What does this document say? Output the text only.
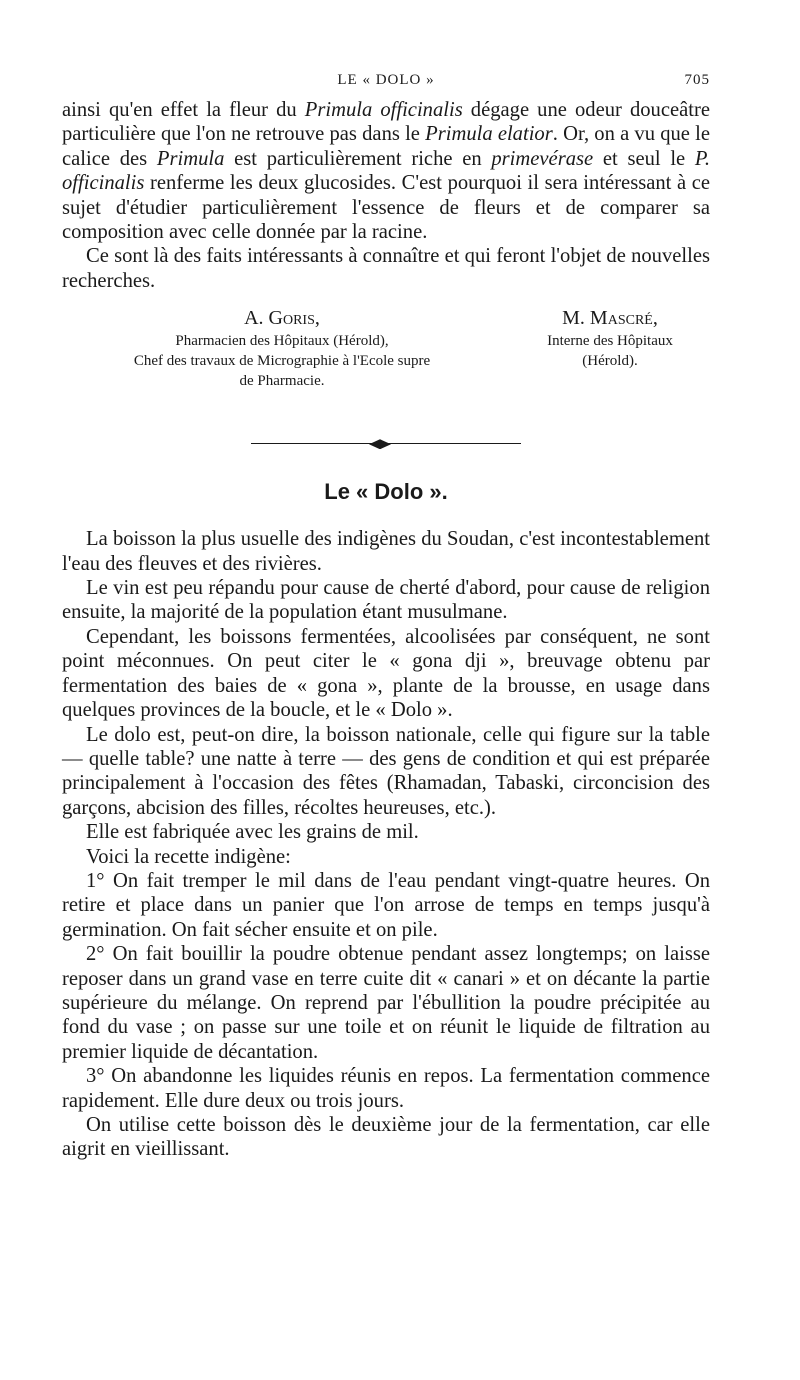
LE « DOLO »	705

ainsi qu'en effet la fleur du Primula officinalis dégage une odeur douceâtre particulière que l'on ne retrouve pas dans le Primula elatior. Or, on a vu que le calice des Primula est particulièrement riche en primevérase et seul le P. officinalis renferme les deux glucosides. C'est pourquoi il sera intéressant à ce sujet d'étudier particulièrement l'essence de fleurs et de comparer sa composition avec celle donnée par la racine.

Ce sont là des faits intéressants à connaître et qui feront l'objet de nouvelles recherches.

A. Goris,
Pharmacien des Hôpitaux (Hérold),
Chef des travaux de Micrographie à l'Ecole supre
de Pharmacie.
M. Mascré,
Interne des Hôpitaux
(Hérold).
Le « Dolo ».

La boisson la plus usuelle des indigènes du Soudan, c'est incontestablement l'eau des fleuves et des rivières.

Le vin est peu répandu pour cause de cherté d'abord, pour cause de religion ensuite, la majorité de la population étant musulmane.

Cependant, les boissons fermentées, alcoolisées par conséquent, ne sont point méconnues. On peut citer le « gona dji », breuvage obtenu par fermentation des baies de « gona », plante de la brousse, en usage dans quelques provinces de la boucle, et le « Dolo ».

Le dolo est, peut-on dire, la boisson nationale, celle qui figure sur la table — quelle table? une natte à terre — des gens de condition et qui est préparée principalement à l'occasion des fêtes (Rhamadan, Tabaski, circoncision des garçons, abcision des filles, récoltes heureuses, etc.).

Elle est fabriquée avec les grains de mil.

Voici la recette indigène:

1° On fait tremper le mil dans de l'eau pendant vingt-quatre heures. On retire et place dans un panier que l'on arrose de temps en temps jusqu'à germination. On fait sécher ensuite et on pile.

2° On fait bouillir la poudre obtenue pendant assez longtemps; on laisse reposer dans un grand vase en terre cuite dit « canari » et on décante la partie supérieure du mélange. On reprend par l'ébullition la poudre précipitée au fond du vase ; on passe sur une toile et on réunit le liquide de filtration au premier liquide de décantation.

3° On abandonne les liquides réunis en repos. La fermentation commence rapidement. Elle dure deux ou trois jours.

On utilise cette boisson dès le deuxième jour de la fermentation, car elle aigrit en vieillissant.
